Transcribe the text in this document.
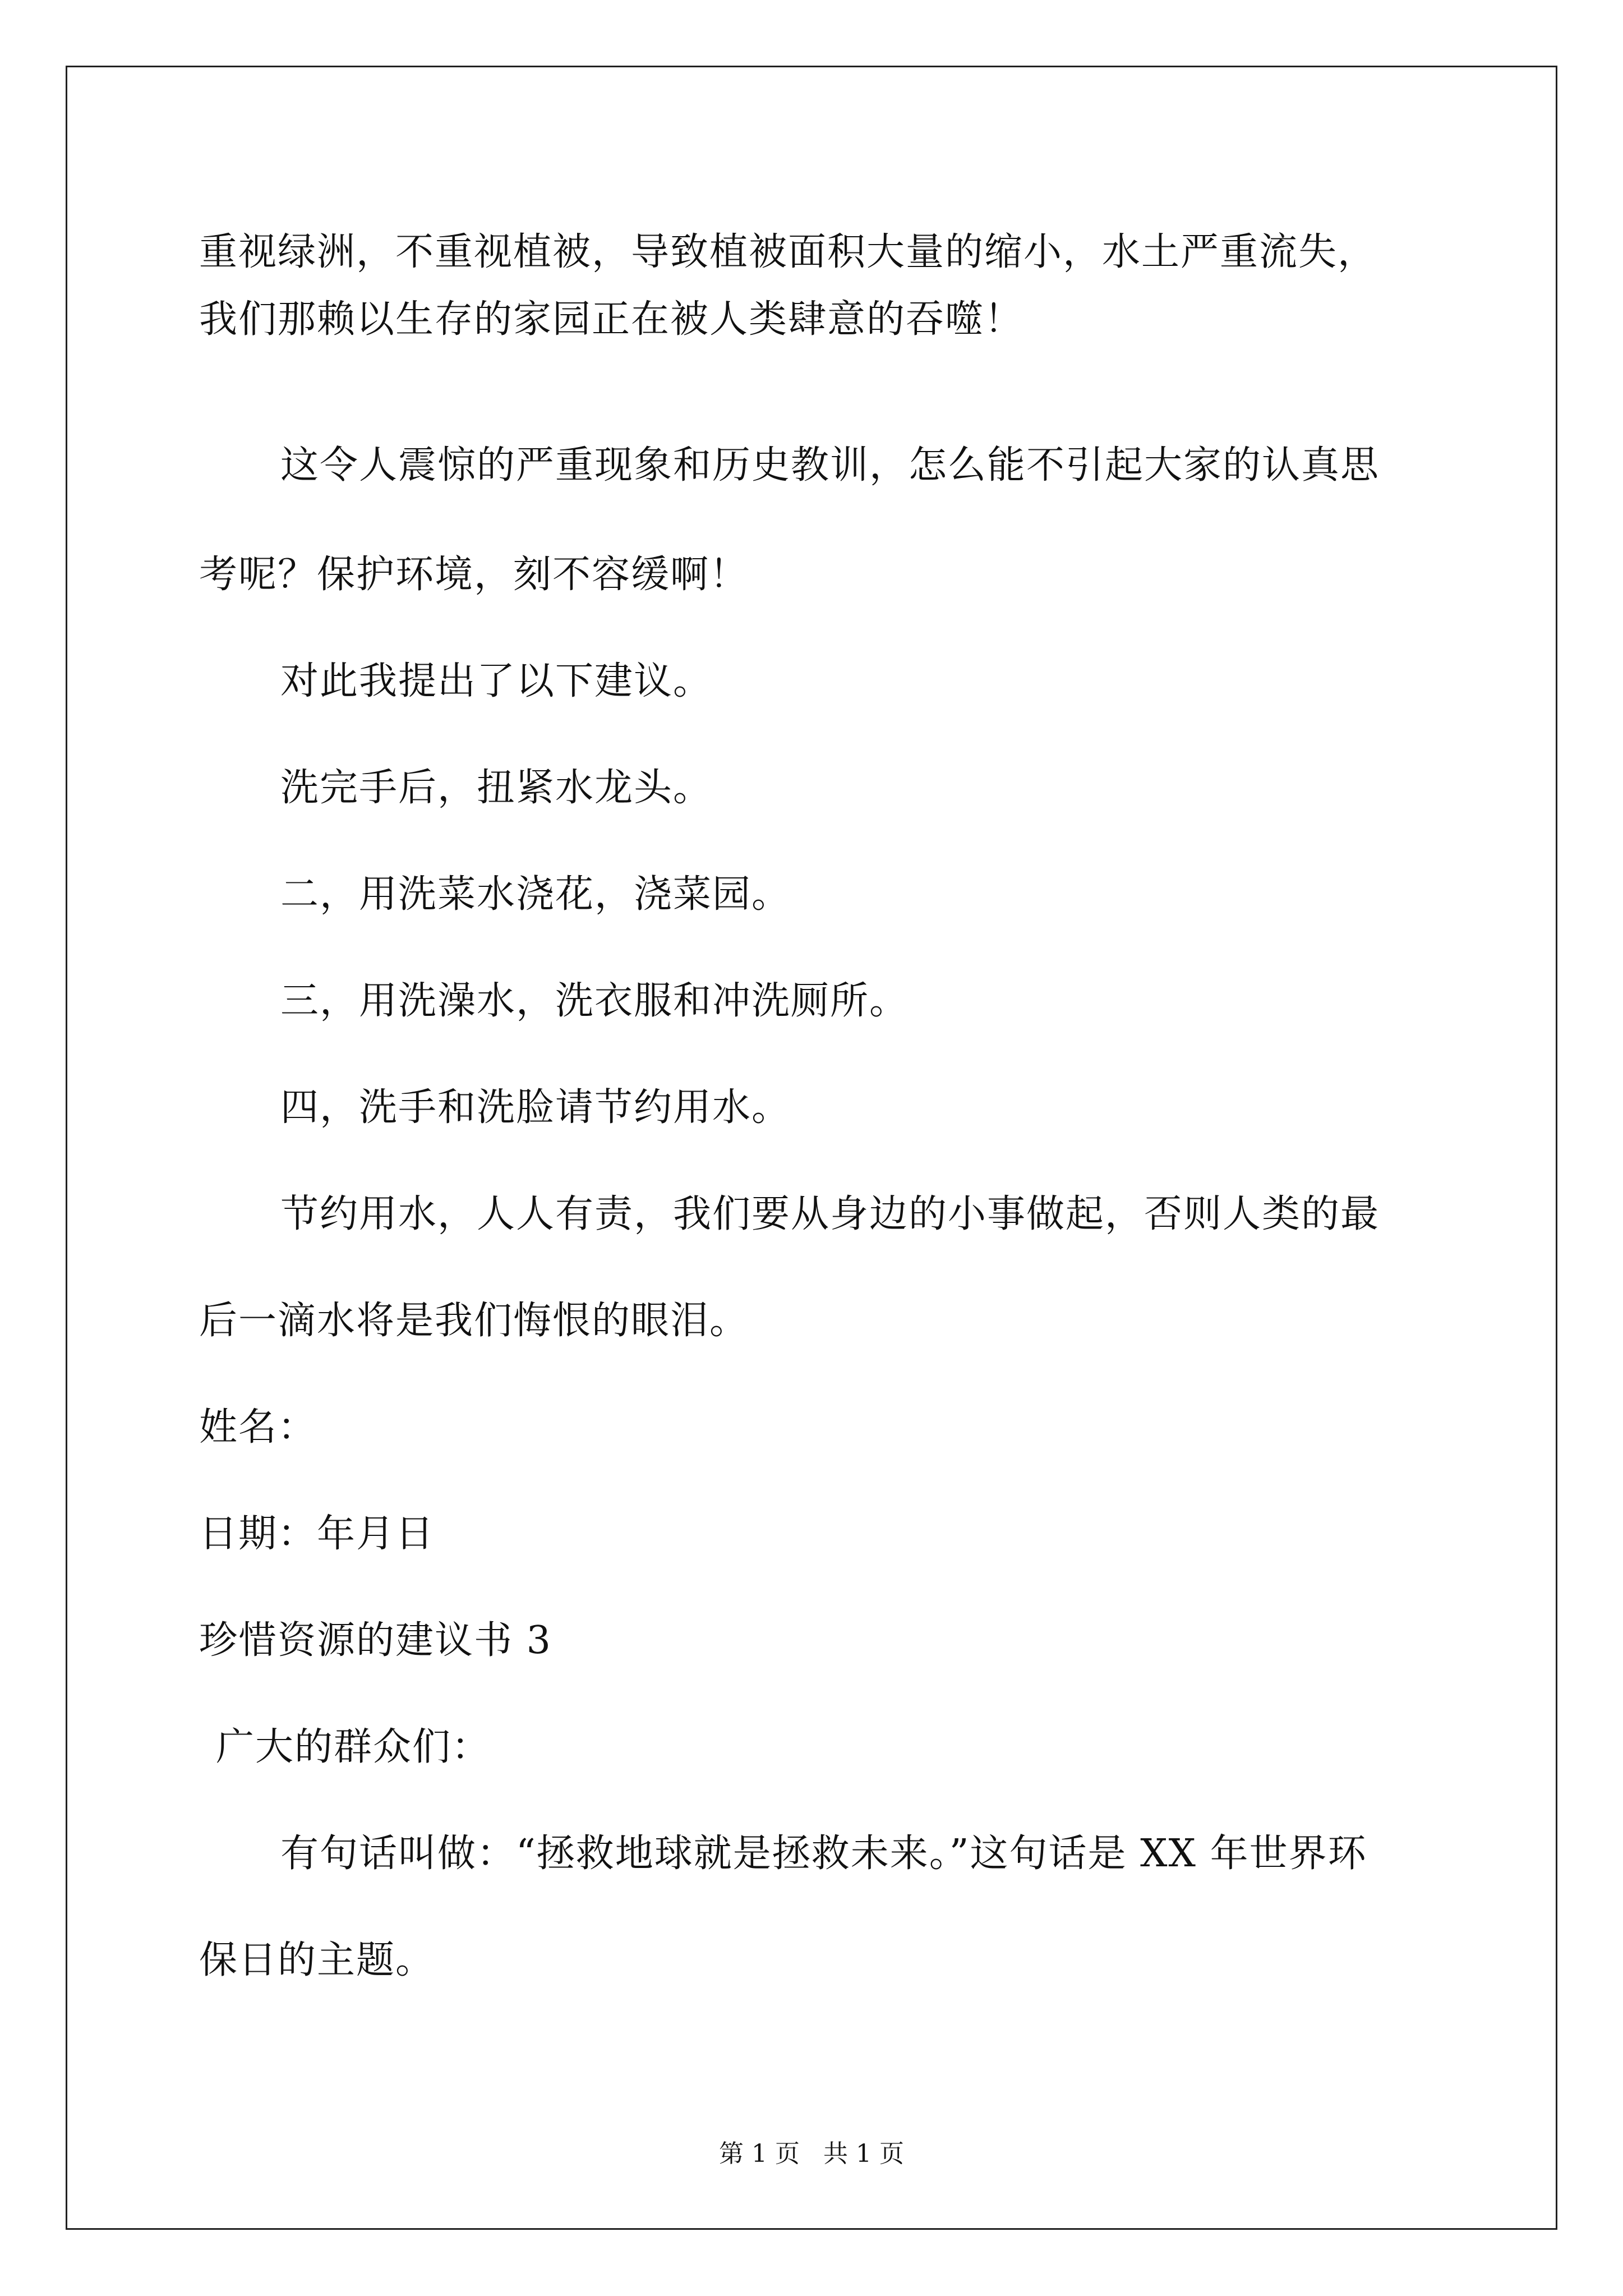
重视绿洲，不重视植被，导致植被面积大量的缩小，水土严重流失，
我们那赖以生存的家园正在被人类肆意的吞噬！
这令人震惊的严重现象和历史教训，怎么能不引起大家的认真思
考呢？保护环境，刻不容缓啊！
对此我提出了以下建议。
洗完手后，扭紧水龙头。
二，用洗菜水浇花，浇菜园。
三，用洗澡水，洗衣服和冲洗厕所。
四，洗手和洗脸请节约用水。
节约用水，人人有责，我们要从身边的小事做起，否则人类的最
后一滴水将是我们悔恨的眼泪。
姓名：
日期：年月日
珍惜资源的建议书 3
广大的群众们：
有句话叫做：“拯救地球就是拯救未来。”这句话是 XX 年世界环
保日的主题。
第 1 页   共 1 页
